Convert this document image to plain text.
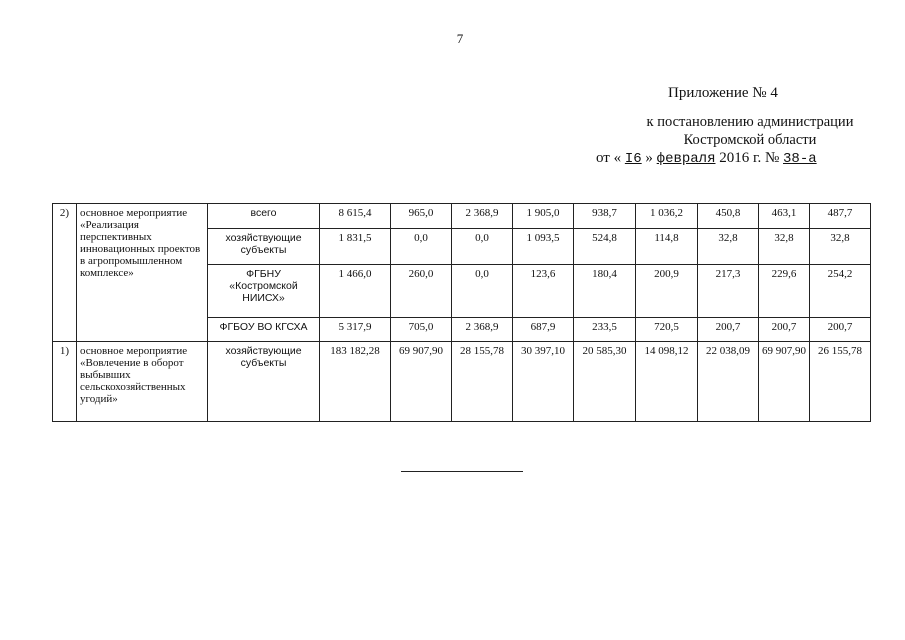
7
Приложение № 4
к постановлению администрации
Костромской области
от « I6 » февраля 2016 г. № 38-а
2)	основное мероприятие «Реализация перспективных инновационных проектов в агропромышленном комплексе»	всего	8 615,4	965,0	2 368,9	1 905,0	938,7	1 036,2	450,8	463,1	487,7
		хозяйствующие субъекты	1 831,5	0,0	0,0	1 093,5	524,8	114,8	32,8	32,8	32,8
		ФГБНУ «Костромской НИИСХ»	1 466,0	260,0	0,0	123,6	180,4	200,9	217,3	229,6	254,2
		ФГБОУ ВО КГСХА	5 317,9	705,0	2 368,9	687,9	233,5	720,5	200,7	200,7	200,7
1)	основное мероприятие «Вовлечение в оборот выбывших сельскохозяйственных угодий»	хозяйствующие субъекты	183 182,28	69 907,90	28 155,78	30 397,10	20 585,30	14 098,12	22 038,09	69 907,90	26 155,78
